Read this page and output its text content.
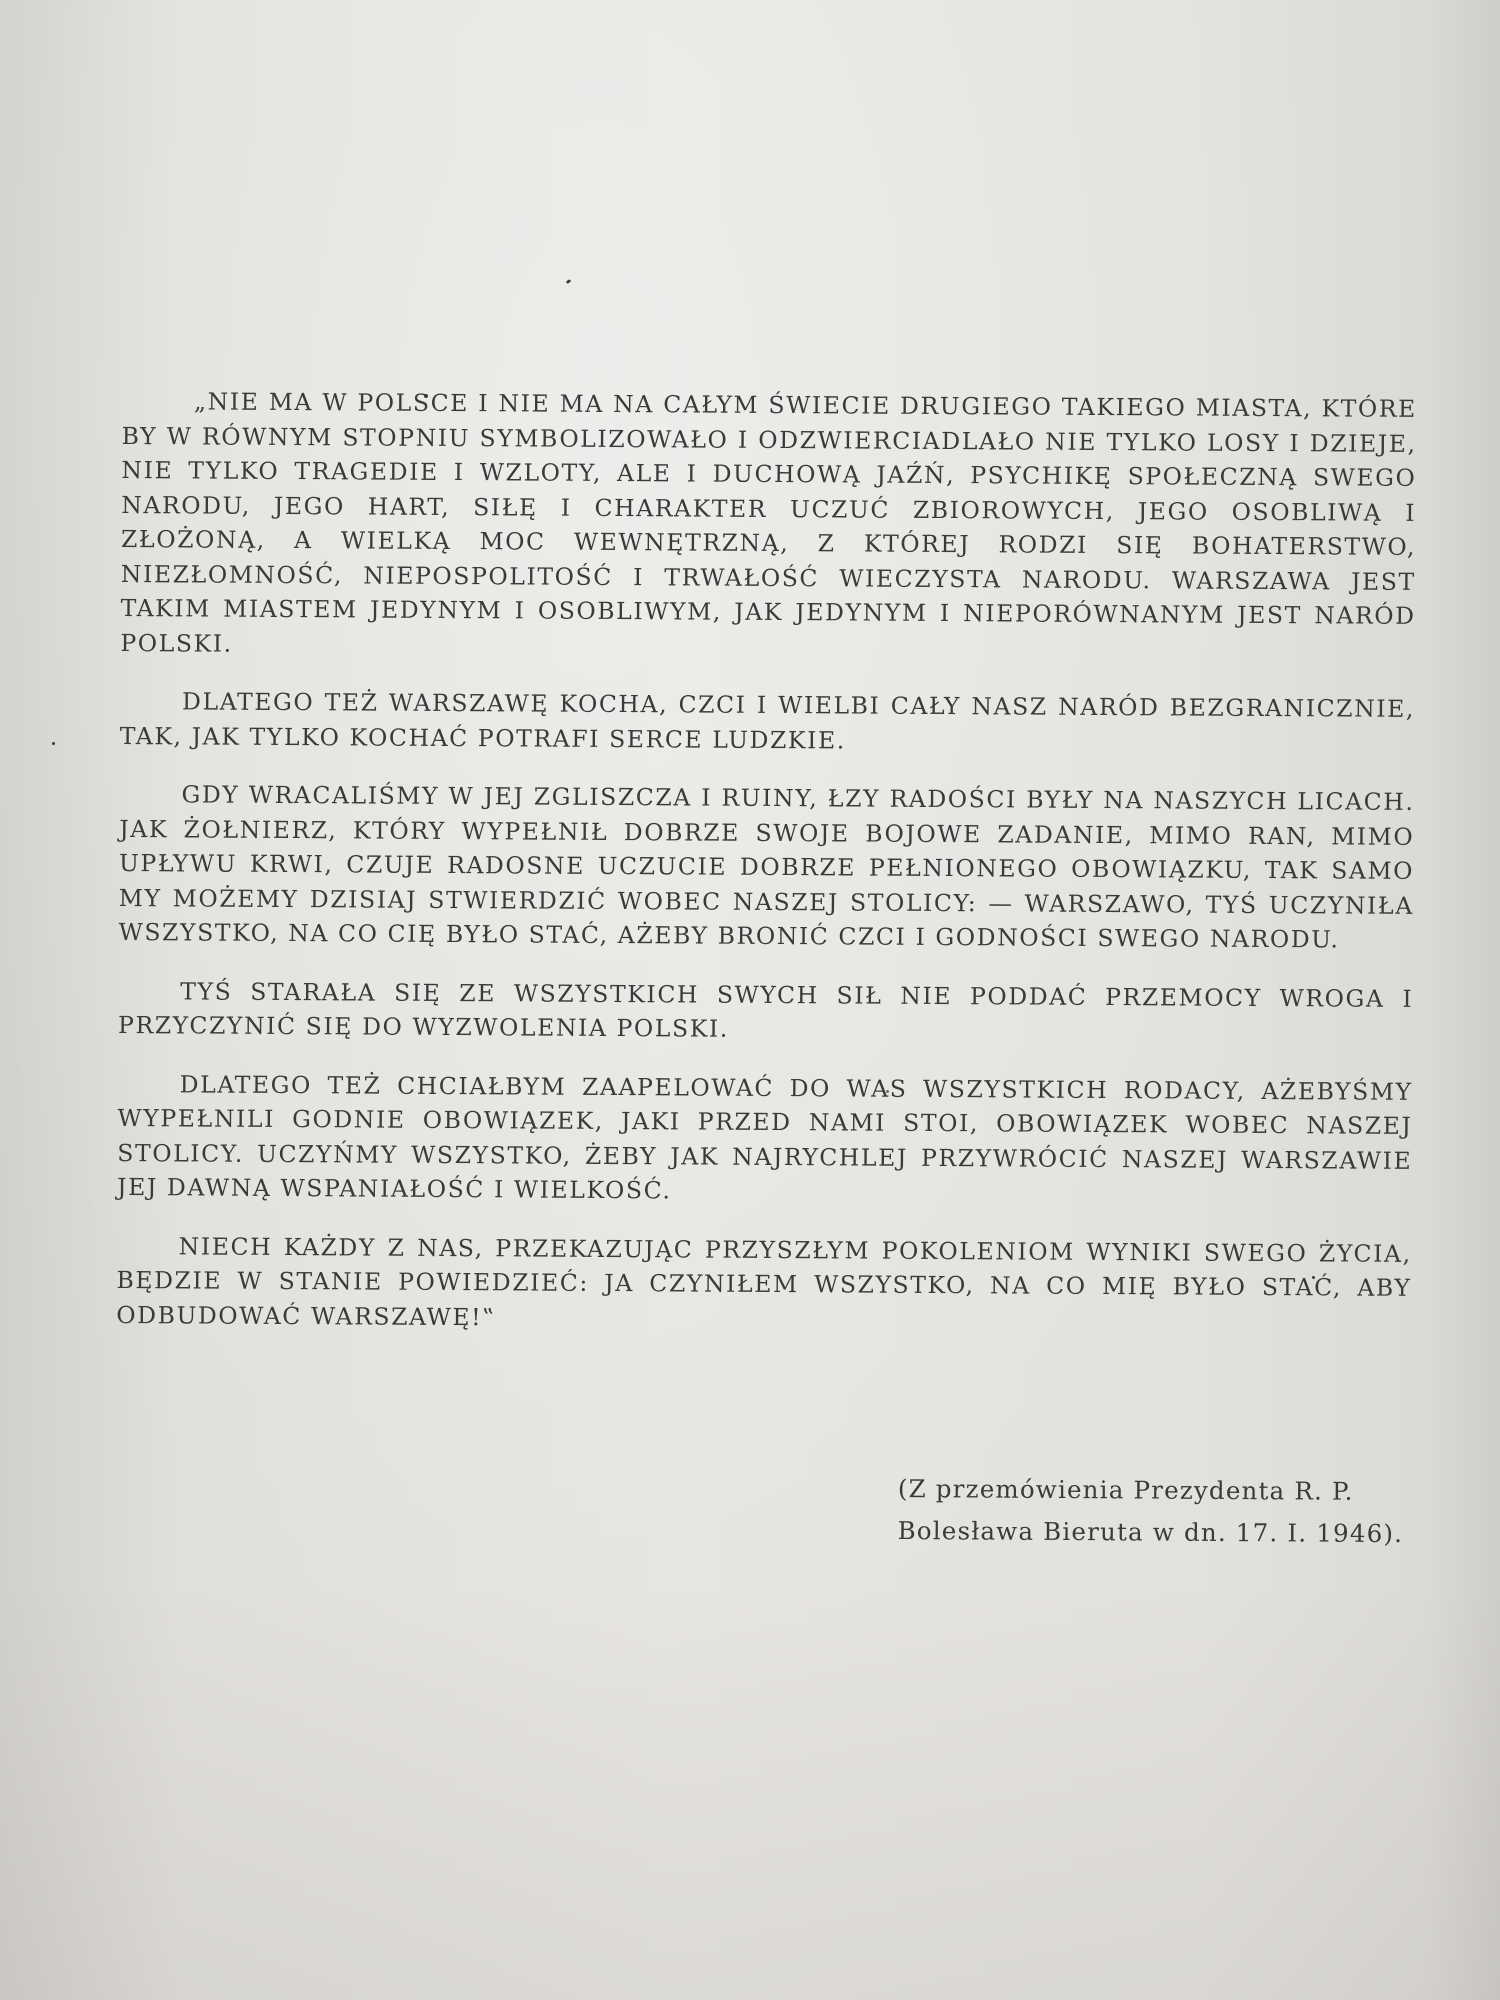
„NIE MA W POLSCE I NIE MA NA CAŁYM ŚWIECIE DRUGIEGO TAKIEGO MIASTA, KTÓRE BY W RÓWNYM STOPNIU SYMBOLIZOWAŁO I ODZWIERCIADLAŁO NIE TYLKO LOSY I DZIEJE, NIE TYLKO TRAGEDIE I WZLOTY, ALE I DUCHOWĄ JAŹŃ, PSYCHIKĘ SPOŁECZNĄ SWEGO NARODU, JEGO HART, SIŁĘ I CHARAKTER UCZUĆ ZBIOROWYCH, JEGO OSOBLIWĄ I ZŁOŻONĄ, A WIELKĄ MOC WEWNĘTRZNĄ, Z KTÓREJ RODZI SIĘ BOHATERSTWO, NIEZŁOMNOŚĆ, NIEPOSPOLITOŚĆ I TRWAŁOŚĆ WIECZYSTA NARODU. WARSZAWA JEST TAKIM MIASTEM JEDYNYM I OSOBLIWYM, JAK JEDYNYM I NIEPORÓWNANYM JEST NARÓD POLSKI.

DLATEGO TEŻ WARSZAWĘ KOCHA, CZCI I WIELBI CAŁY NASZ NARÓD BEZGRANICZNIE, TAK, JAK TYLKO KOCHAĆ POTRAFI SERCE LUDZKIE.

GDY WRACALIŚMY W JEJ ZGLISZCZA I RUINY, ŁZY RADOŚCI BYŁY NA NASZYCH LICACH. JAK ŻOŁNIERZ, KTÓRY WYPEŁNIŁ DOBRZE SWOJE BOJOWE ZADANIE, MIMO RAN, MIMO UPŁYWU KRWI, CZUJE RADOSNE UCZUCIE DOBRZE PEŁNIONEGO OBOWIĄZKU, TAK SAMO MY MOŻEMY DZISIAJ STWIERDZIĆ WOBEC NASZEJ STOLICY: — WARSZAWO, TYŚ UCZYNIŁA WSZYSTKO, NA CO CIĘ BYŁO STAĆ, AŻEBY BRONIĆ CZCI I GODNOŚCI SWEGO NARODU.

TYŚ STARAŁA SIĘ ZE WSZYSTKICH SWYCH SIŁ NIE PODDAĆ PRZEMOCY WROGA I PRZYCZYNIĆ SIĘ DO WYZWOLENIA POLSKI.

DLATEGO TEŻ CHCIAŁBYM ZAAPELOWAĆ DO WAS WSZYSTKICH RODACY, AŻEBYŚMY WYPEŁNILI GODNIE OBOWIĄZEK, JAKI PRZED NAMI STOI, OBOWIĄZEK WOBEC NASZEJ STOLICY. UCZYŃMY WSZYSTKO, ŻEBY JAK NAJRYCHLEJ PRZYWRÓCIĆ NASZEJ WARSZAWIE JEJ DAWNĄ WSPANIAŁOŚĆ I WIELKOŚĆ.

NIECH KAŻDY Z NAS, PRZEKAZUJĄC PRZYSZŁYM POKOLENIOM WYNIKI SWEGO ŻYCIA, BĘDZIE W STANIE POWIEDZIEĆ: JA CZYNIŁEM WSZYSTKO, NA CO MIĘ BYŁO STAĆ, ABY ODBUDOWAĆ WARSZAWĘ!‟

(Z przemówienia Prezydenta R. P.
Bolesława Bieruta w dn. 17. I. 1946).
